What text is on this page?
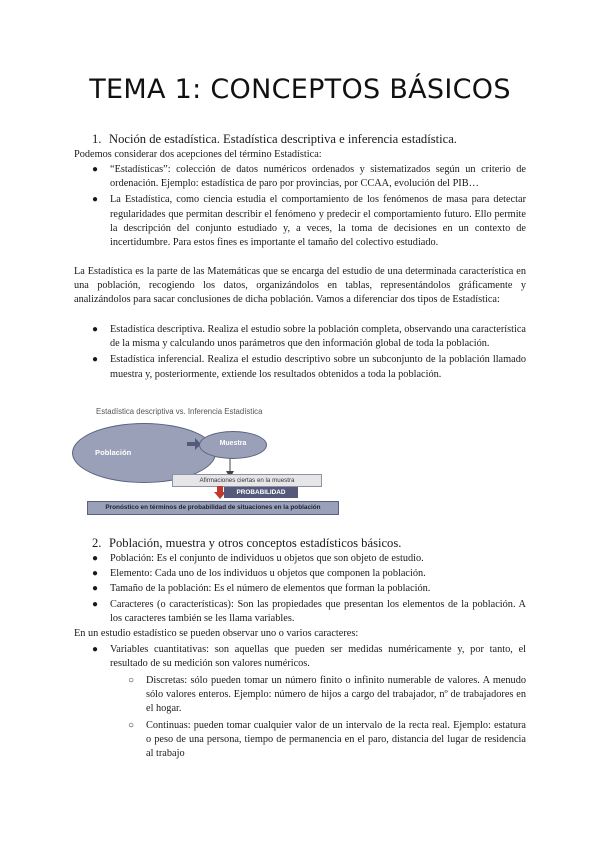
TEMA 1: CONCEPTOS BÁSICOS
1. Noción de estadística. Estadística descriptiva e inferencia estadística.
Podemos considerar dos acepciones del término Estadística:
●	“Estadísticas”: colección de datos numéricos ordenados y sistematizados según un criterio de ordenación. Ejemplo: estadística de paro por provincias, por CCAA, evolución del PIB…
●	La Estadística, como ciencia estudia el comportamiento de los fenómenos de masa para detectar regularidades que permitan describir el fenómeno y predecir el comportamiento futuro. Ello permite la descripción del conjunto estudiado y, a veces, la toma de decisiones en un contexto de incertidumbre. Para estos fines es importante el tamaño del colectivo estudiado.

La Estadística es la parte de las Matemáticas que se encarga del estudio de una determinada característica en una población, recogiendo los datos, organizándolos en tablas, representándolos gráficamente y analizándolos para sacar conclusiones de dicha población. Vamos a diferenciar dos tipos de Estadística:

●	Estadística descriptiva. Realiza el estudio sobre la población completa, observando una característica de la misma y calculando unos parámetros que den información global de toda la población.
●	Estadística inferencial. Realiza el estudio descriptivo sobre un subconjunto de la población llamado muestra y, posteriormente, extiende los resultados obtenidos a toda la población.
Estadística descriptiva vs. Inferencia Estadística
Población
Muestra
Afirmaciones ciertas en la muestra
PROBABILIDAD
Pronóstico en términos de probabilidad de situaciones en la población
2. Población, muestra y otros conceptos estadísticos básicos.
●	Población: Es el conjunto de individuos u objetos que son objeto de estudio.
●	Elemento: Cada uno de los individuos u objetos que componen la población.
●	Tamaño de la población: Es el número de elementos que forman la población.
●	Caracteres (o características): Son las propiedades que presentan los elementos de la población. A los caracteres también se les llama variables.
En un estudio estadístico se pueden observar uno o varios caracteres:
●	Variables cuantitativas: son aquellas que pueden ser medidas numéricamente y, por tanto, el resultado de su medición son valores numéricos.
○	Discretas: sólo pueden tomar un número finito o infinito numerable de valores. A menudo sólo valores enteros. Ejemplo: número de hijos a cargo del trabajador, nº de trabajadores en el hogar.
○	Continuas: pueden tomar cualquier valor de un intervalo de la recta real. Ejemplo: estatura o peso de una persona, tiempo de permanencia en el paro, distancia del lugar de residencia al trabajo
